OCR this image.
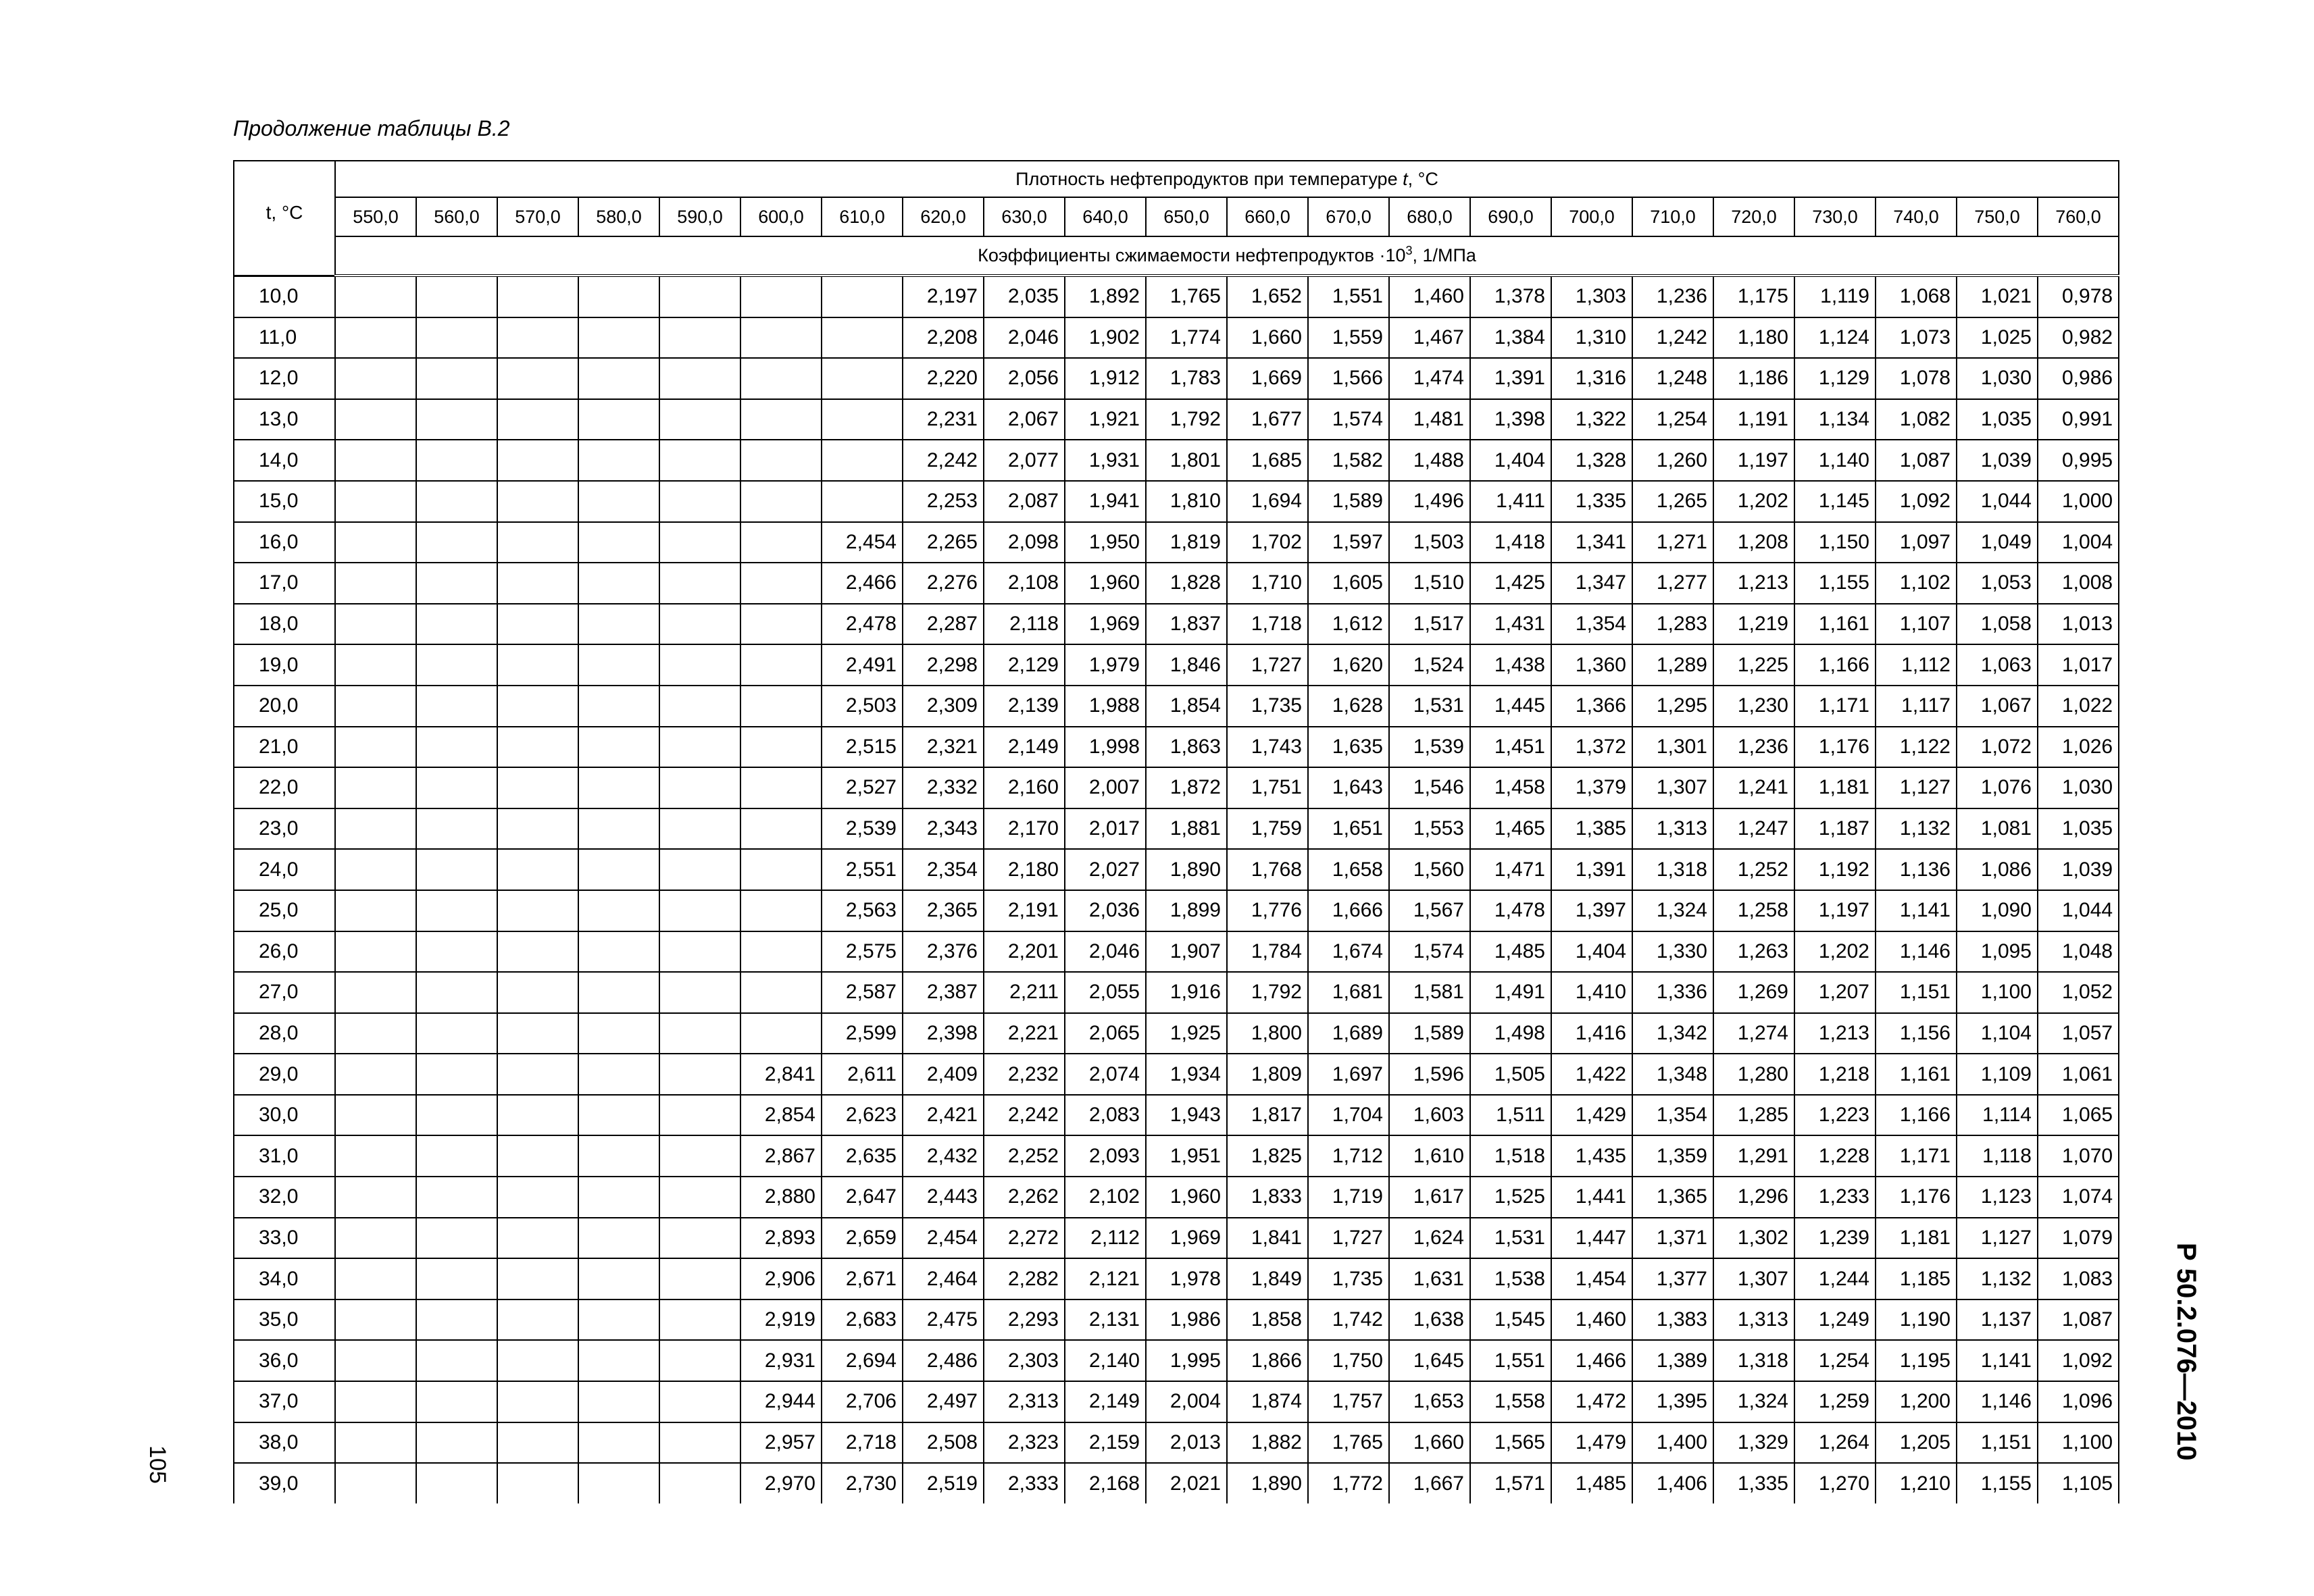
Продолжение таблицы В.2
t, °C	Плотность нефтепродуктов при температуре t, °C																					
	550,0	560,0	570,0	580,0	590,0	600,0	610,0	620,0	630,0	640,0	650,0	660,0	670,0	680,0	690,0	700,0	710,0	720,0	730,0	740,0	750,0	760,0
	Коэффициенты сжимаемости нефтепродуктов $\cdot 10^3$, 1/МПа																					
10,0								2,197	2,035	1,892	1,765	1,652	1,551	1,460	1,378	1,303	1,236	1,175	1,119	1,068	1,021	0,978
11,0								2,208	2,046	1,902	1,774	1,660	1,559	1,467	1,384	1,310	1,242	1,180	1,124	1,073	1,025	0,982
12,0								2,220	2,056	1,912	1,783	1,669	1,566	1,474	1,391	1,316	1,248	1,186	1,129	1,078	1,030	0,986
13,0								2,231	2,067	1,921	1,792	1,677	1,574	1,481	1,398	1,322	1,254	1,191	1,134	1,082	1,035	0,991
14,0								2,242	2,077	1,931	1,801	1,685	1,582	1,488	1,404	1,328	1,260	1,197	1,140	1,087	1,039	0,995
15,0								2,253	2,087	1,941	1,810	1,694	1,589	1,496	1,411	1,335	1,265	1,202	1,145	1,092	1,044	1,000
16,0							2,454	2,265	2,098	1,950	1,819	1,702	1,597	1,503	1,418	1,341	1,271	1,208	1,150	1,097	1,049	1,004
17,0							2,466	2,276	2,108	1,960	1,828	1,710	1,605	1,510	1,425	1,347	1,277	1,213	1,155	1,102	1,053	1,008
18,0							2,478	2,287	2,118	1,969	1,837	1,718	1,612	1,517	1,431	1,354	1,283	1,219	1,161	1,107	1,058	1,013
19,0							2,491	2,298	2,129	1,979	1,846	1,727	1,620	1,524	1,438	1,360	1,289	1,225	1,166	1,112	1,063	1,017
20,0							2,503	2,309	2,139	1,988	1,854	1,735	1,628	1,531	1,445	1,366	1,295	1,230	1,171	1,117	1,067	1,022
21,0							2,515	2,321	2,149	1,998	1,863	1,743	1,635	1,539	1,451	1,372	1,301	1,236	1,176	1,122	1,072	1,026
22,0							2,527	2,332	2,160	2,007	1,872	1,751	1,643	1,546	1,458	1,379	1,307	1,241	1,181	1,127	1,076	1,030
23,0							2,539	2,343	2,170	2,017	1,881	1,759	1,651	1,553	1,465	1,385	1,313	1,247	1,187	1,132	1,081	1,035
24,0							2,551	2,354	2,180	2,027	1,890	1,768	1,658	1,560	1,471	1,391	1,318	1,252	1,192	1,136	1,086	1,039
25,0							2,563	2,365	2,191	2,036	1,899	1,776	1,666	1,567	1,478	1,397	1,324	1,258	1,197	1,141	1,090	1,044
26,0							2,575	2,376	2,201	2,046	1,907	1,784	1,674	1,574	1,485	1,404	1,330	1,263	1,202	1,146	1,095	1,048
27,0							2,587	2,387	2,211	2,055	1,916	1,792	1,681	1,581	1,491	1,410	1,336	1,269	1,207	1,151	1,100	1,052
28,0							2,599	2,398	2,221	2,065	1,925	1,800	1,689	1,589	1,498	1,416	1,342	1,274	1,213	1,156	1,104	1,057
29,0						2,841	2,611	2,409	2,232	2,074	1,934	1,809	1,697	1,596	1,505	1,422	1,348	1,280	1,218	1,161	1,109	1,061
30,0						2,854	2,623	2,421	2,242	2,083	1,943	1,817	1,704	1,603	1,511	1,429	1,354	1,285	1,223	1,166	1,114	1,065
31,0						2,867	2,635	2,432	2,252	2,093	1,951	1,825	1,712	1,610	1,518	1,435	1,359	1,291	1,228	1,171	1,118	1,070
32,0						2,880	2,647	2,443	2,262	2,102	1,960	1,833	1,719	1,617	1,525	1,441	1,365	1,296	1,233	1,176	1,123	1,074
33,0						2,893	2,659	2,454	2,272	2,112	1,969	1,841	1,727	1,624	1,531	1,447	1,371	1,302	1,239	1,181	1,127	1,079
34,0						2,906	2,671	2,464	2,282	2,121	1,978	1,849	1,735	1,631	1,538	1,454	1,377	1,307	1,244	1,185	1,132	1,083
35,0						2,919	2,683	2,475	2,293	2,131	1,986	1,858	1,742	1,638	1,545	1,460	1,383	1,313	1,249	1,190	1,137	1,087
36,0						2,931	2,694	2,486	2,303	2,140	1,995	1,866	1,750	1,645	1,551	1,466	1,389	1,318	1,254	1,195	1,141	1,092
37,0						2,944	2,706	2,497	2,313	2,149	2,004	1,874	1,757	1,653	1,558	1,472	1,395	1,324	1,259	1,200	1,146	1,096
38,0						2,957	2,718	2,508	2,323	2,159	2,013	1,882	1,765	1,660	1,565	1,479	1,400	1,329	1,264	1,205	1,151	1,100
39,0						2,970	2,730	2,519	2,333	2,168	2,021	1,890	1,772	1,667	1,571	1,485	1,406	1,335	1,270	1,210	1,155	1,105
105
Р 50.2.076—2010
